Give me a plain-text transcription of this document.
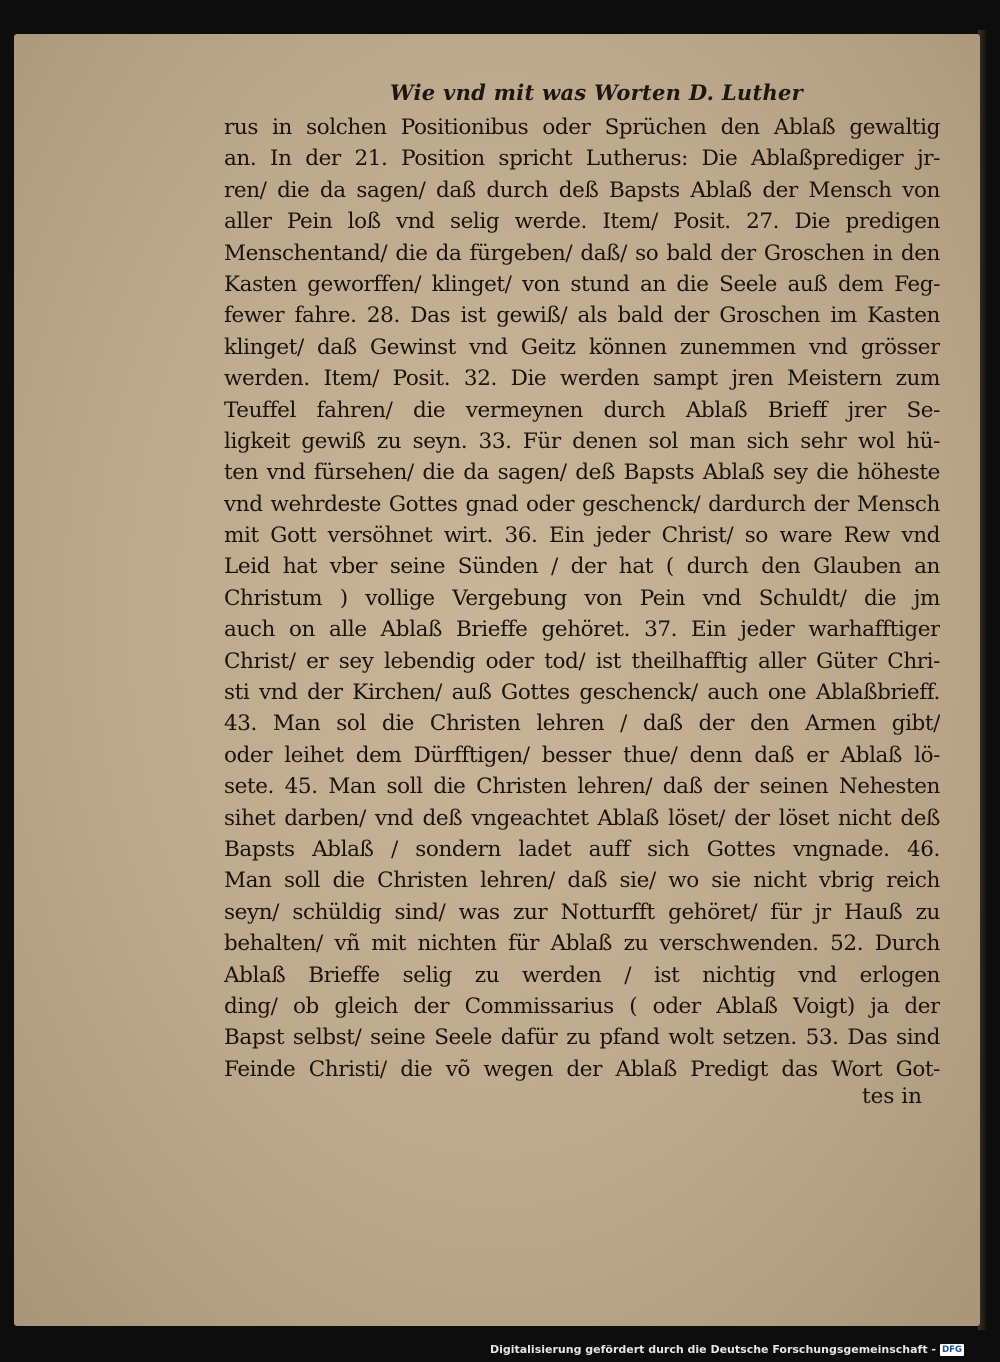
Wie vnd mit was Worten D. Luther
rus in solchen Positionibus oder Sprüchen den Ablaß gewaltig
an. In der 21. Position spricht Lutherus: Die Ablaßprediger jr-
ren/ die da sagen/ daß durch deß Bapsts Ablaß der Mensch von
aller Pein loß vnd selig werde. Item/ Posit. 27. Die predigen
Menschentand/ die da fürgeben/ daß/ so bald der Groschen in den
Kasten geworffen/ klinget/ von stund an die Seele auß dem Feg-
fewer fahre. 28. Das ist gewiß/ als bald der Groschen im Kasten
klinget/ daß Gewinst vnd Geitz können zunemmen vnd grösser
werden. Item/ Posit. 32. Die werden sampt jren Meistern zum
Teuffel fahren/ die vermeynen durch Ablaß Brieff jrer Se-
ligkeit gewiß zu seyn. 33. Für denen sol man sich sehr wol hü-
ten vnd fürsehen/ die da sagen/ deß Bapsts Ablaß sey die höheste
vnd wehrdeste Gottes gnad oder geschenck/ dardurch der Mensch
mit Gott versöhnet wirt. 36. Ein jeder Christ/ so ware Rew vnd
Leid hat vber seine Sünden / der hat ( durch den Glauben an
Christum ) vollige Vergebung von Pein vnd Schuldt/ die jm
auch on alle Ablaß Brieffe gehöret. 37. Ein jeder warhafftiger
Christ/ er sey lebendig oder tod/ ist theilhafftig aller Güter Chri-
sti vnd der Kirchen/ auß Gottes geschenck/ auch one Ablaßbrieff.
43. Man sol die Christen lehren / daß der den Armen gibt/
oder leihet dem Dürfftigen/ besser thue/ denn daß er Ablaß lö-
sete. 45. Man soll die Christen lehren/ daß der seinen Nehesten
sihet darben/ vnd deß vngeachtet Ablaß löset/ der löset nicht deß
Bapsts Ablaß / sondern ladet auff sich Gottes vngnade. 46.
Man soll die Christen lehren/ daß sie/ wo sie nicht vbrig reich
seyn/ schüldig sind/ was zur Notturfft gehöret/ für jr Hauß zu
behalten/ vñ mit nichten für Ablaß zu verschwenden. 52. Durch
Ablaß Brieffe selig zu werden / ist nichtig vnd erlogen
ding/ ob gleich der Commissarius ( oder Ablaß Voigt) ja der
Bapst selbst/ seine Seele dafür zu pfand wolt setzen. 53. Das sind
Feinde Christi/ die võ wegen der Ablaß Predigt das Wort Got-
tes in
Digitalisierung gefördert durch die Deutsche Forschungsgemeinschaft - DFG
